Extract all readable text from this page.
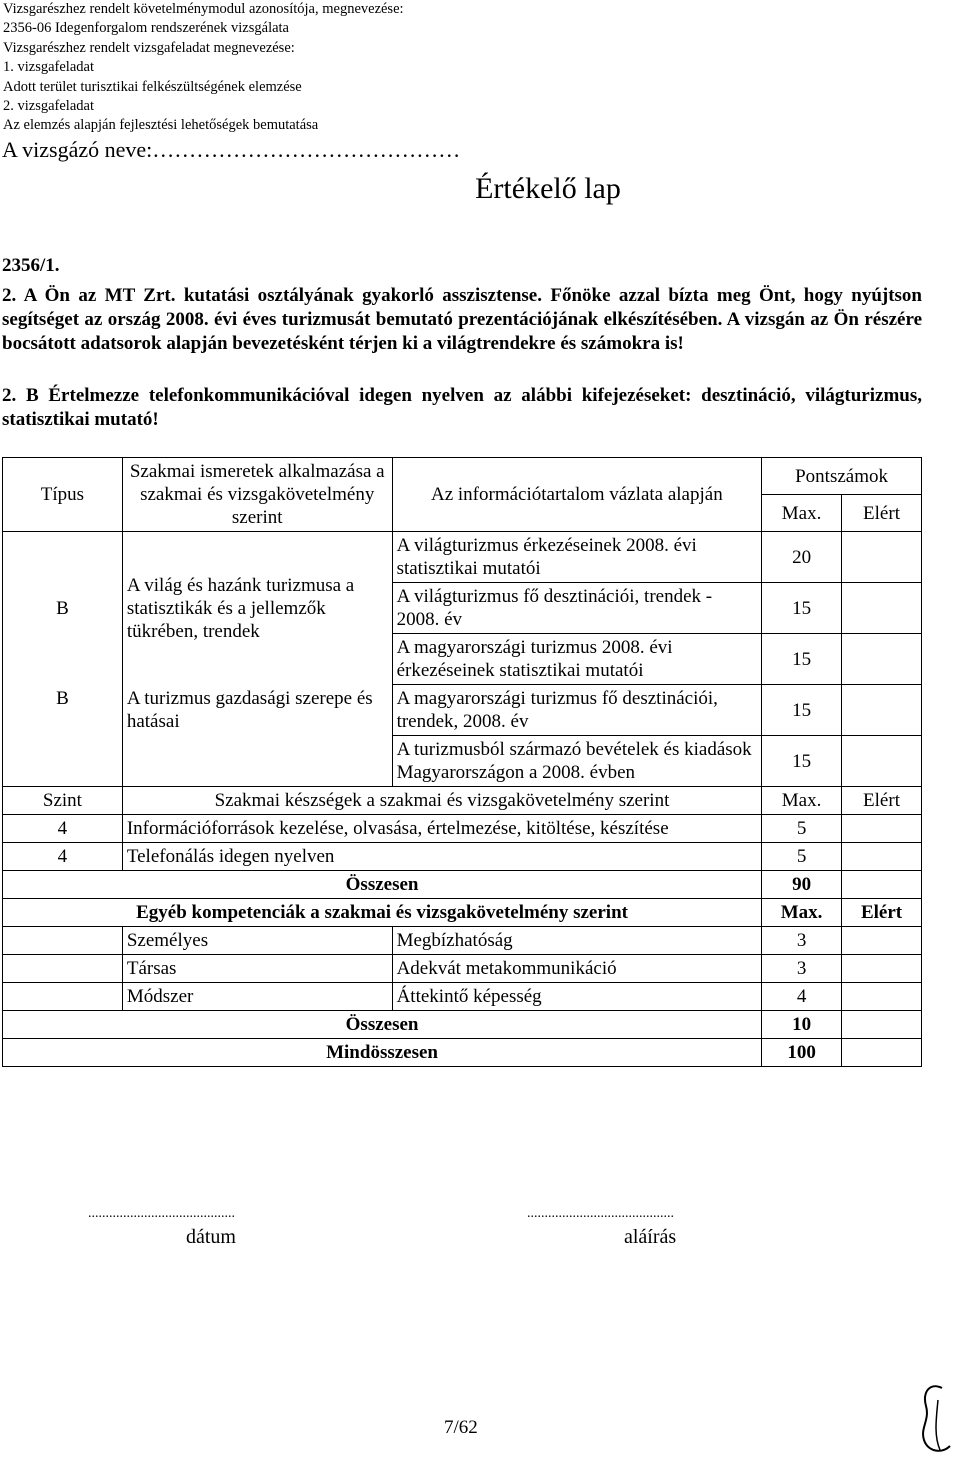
Vizsgarészhez rendelt követelménymodul azonosítója, megnevezése:
2356-06 Idegenforgalom rendszerének vizsgálata
Vizsgarészhez rendelt vizsgafeladat megnevezése:
1. vizsgafeladat
Adott terület turisztikai felkészültségének elemzése
2. vizsgafeladat
Az elemzés alapján fejlesztési lehetőségek bemutatása
A vizsgázó neve:……………………………………
Értékelő lap
2356/1.
2. A Ön az MT Zrt. kutatási osztályának gyakorló asszisztense. Főnöke azzal bízta meg Önt, hogy nyújtson segítséget az ország 2008. évi éves turizmusát bemutató prezentációjának elkészítésében. A vizsgán az Ön részére bocsátott adatsorok alapján bevezetésként térjen ki a világtrendekre és számokra is!
2. B Értelmezze telefonkommunikációval idegen nyelven az alábbi kifejezéseket: desztináció, világturizmus, statisztikai mutató!
Típus	Szakmai ismeretek alkalmazása a szakmai és vizsgakövetelmény szerint	Az információtartalom vázlata alapján	Pontszámok	
			Max.	Elért
B	A világ és hazánk turizmusa a statisztikák és a jellemzők tükrében, trendek	A világturizmus érkezéseinek 2008. évi statisztikai mutatói	20	
		A világturizmus fő desztinációi, trendek - 2008. év	15	
		A magyarországi turizmus 2008. évi érkezéseinek statisztikai mutatói	15	
B	A turizmus gazdasági szerepe és hatásai	A magyarországi turizmus fő desztinációi, trendek, 2008. év	15	
		A turizmusból származó bevételek és kiadások Magyarországon a 2008. évben	15	
Szint	Szakmai készségek a szakmai és vizsgakövetelmény szerint		Max.	Elért
4	Információforrások kezelése, olvasása, értelmezése, kitöltése, készítése		5	
4	Telefonálás idegen nyelven		5	
Összesen			90	
Egyéb kompetenciák a szakmai és vizsgakövetelmény szerint			Max.	Elért
	Személyes	Megbízhatóság	3	
	Társas	Adekvát metakommunikáció	3	
	Módszer	Áttekintő képesség	4	
Összesen			10	
Mindösszesen			100	
..........................................
dátum
..........................................
aláírás
7/62
